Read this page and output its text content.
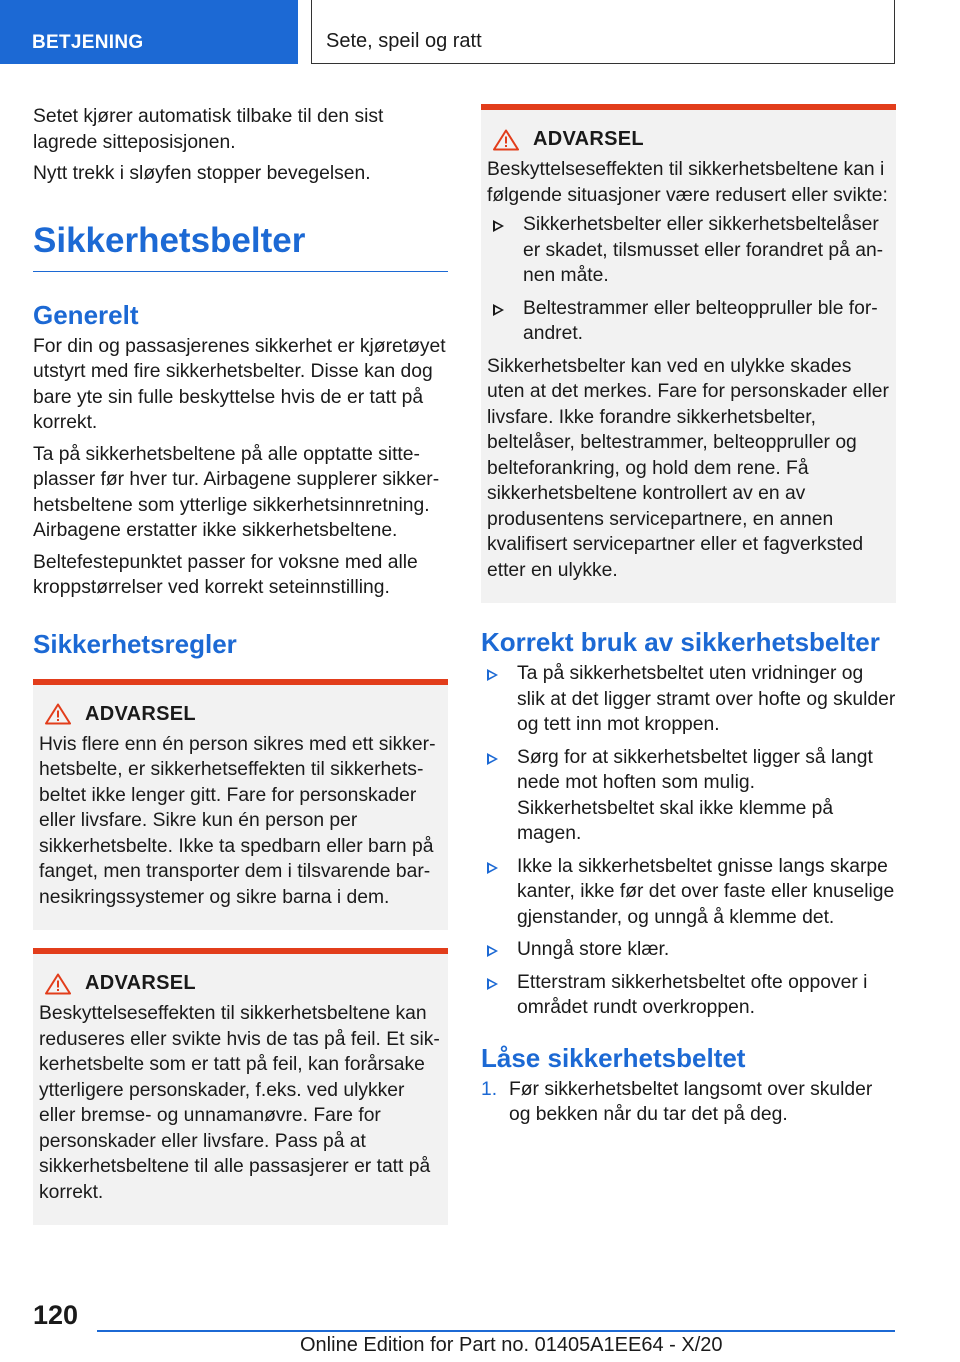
BETJENING	Sete, speil og ratt

Setet kjører automatisk tilbake til den sist lagrede sitteposisjonen.

Nytt trekk i sløyfen stopper bevegelsen.

Sikkerhetsbelter
Generelt

For din og passasjerenes sikkerhet er kjøretøyet utstyrt med fire sikkerhetsbelter. Disse kan dog bare yte sin fulle beskyttelse hvis de er tatt på korrekt.

Ta på sikkerhetsbeltene på alle opptatte sitteplasser før hver tur. Airbagene supplerer sikkerhetsbeltene som ytterlige sikkerhetsinnretning. Airbagene erstatter ikke sikkerhetsbeltene.

Beltefestepunktet passer for voksne med alle kroppstørrelser ved korrekt seteinnstilling.

Sikkerhetsregler
ADVARSEL

Hvis flere enn én person sikres med ett sikkerhetsbelte, er sikkerhetseffekten til sikkerhetsbeltet ikke lenger gitt. Fare for personskader eller livsfare. Sikre kun én person per sikkerhetsbelte. Ikke ta spedbarn eller barn på fanget, men transporter dem i tilsvarende barnesikringssystemer og sikre barna i dem.

ADVARSEL

Beskyttelseseffekten til sikkerhetsbeltene kan reduseres eller svikte hvis de tas på feil. Et sikkerhetsbelte som er tatt på feil, kan forårsake ytterligere personskader, f.eks. ved ulykker eller bremse- og unnamanøvre. Fare for personskader eller livsfare. Pass på at sikkerhetsbeltene til alle passasjerer er tatt på korrekt.

ADVARSEL

Beskyttelseseffekten til sikkerhetsbeltene kan i følgende situasjoner være redusert eller svikte:

Sikkerhetsbelter eller sikkerhetsbeltelåser er skadet, tilsmusset eller forandret på annen måte.
Beltestrammer eller belteoppruller ble forandret.

Sikkerhetsbelter kan ved en ulykke skades uten at det merkes. Fare for personskader eller livsfare. Ikke forandre sikkerhetsbelter, beltelåser, beltestrammer, belteoppruller og belteforankring, og hold dem rene. Få sikkerhetsbeltene kontrollert av en av produsentens servicepartnere, en annen kvalifisert servicepartner eller et fagverksted etter en ulykke.

Korrekt bruk av sikkerhetsbelter
Ta på sikkerhetsbeltet uten vridninger og slik at det ligger stramt over hofte og skulder og tett inn mot kroppen.
Sørg for at sikkerhetsbeltet ligger så langt nede mot hoften som mulig. Sikkerhetsbeltet skal ikke klemme på magen.
Ikke la sikkerhetsbeltet gnisse langs skarpe kanter, ikke før det over faste eller knuselige gjenstander, og unngå å klemme det.
Unngå store klær.
Etterstram sikkerhetsbeltet ofte oppover i området rundt overkroppen.
Låse sikkerhetsbeltet
1. Før sikkerhetsbeltet langsomt over skulder og bekken når du tar det på deg.
120
Online Edition for Part no. 01405A1EE64 - X/20
